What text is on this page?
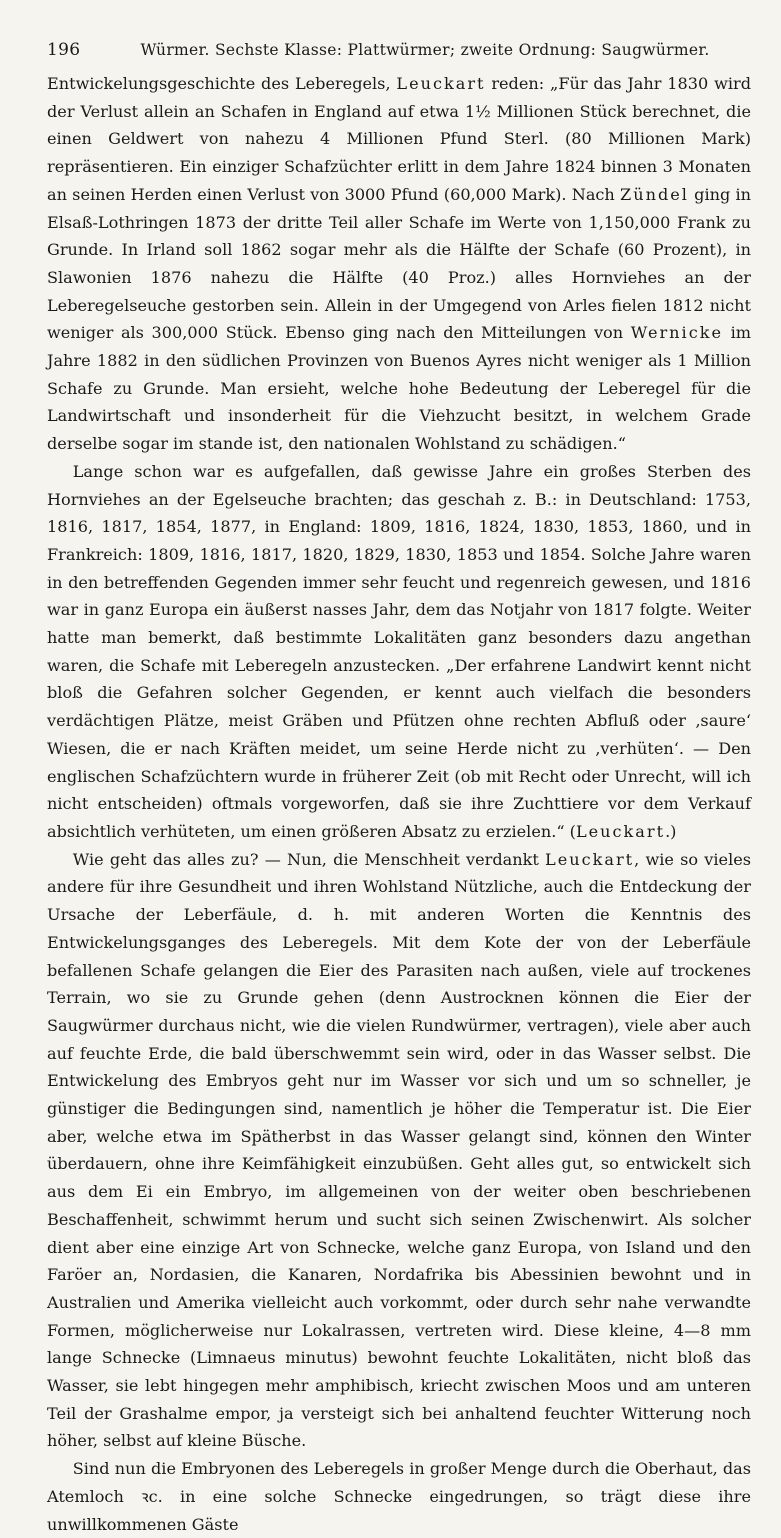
196	Würmer. Sechste Klasse: Plattwürmer; zweite Ordnung: Saugwürmer.

Entwickelungsgeschichte des Leberegels, Leuckart reden: „Für das Jahr 1830 wird der Verlust allein an Schafen in England auf etwa 1½ Millionen Stück berechnet, die einen Geldwert von nahezu 4 Millionen Pfund Sterl. (80 Millionen Mark) repräsentieren. Ein einziger Schafzüchter erlitt in dem Jahre 1824 binnen 3 Monaten an seinen Herden einen Verlust von 3000 Pfund (60,000 Mark). Nach Zündel ging in Elsaß-Lothringen 1873 der dritte Teil aller Schafe im Werte von 1,150,000 Frank zu Grunde. In Irland soll 1862 sogar mehr als die Hälfte der Schafe (60 Prozent), in Slawonien 1876 nahezu die Hälfte (40 Proz.) alles Hornviehes an der Leberegelseuche gestorben sein. Allein in der Umgegend von Arles fielen 1812 nicht weniger als 300,000 Stück. Ebenso ging nach den Mitteilungen von Wernicke im Jahre 1882 in den südlichen Provinzen von Buenos Ayres nicht weniger als 1 Million Schafe zu Grunde. Man ersieht, welche hohe Bedeutung der Leberegel für die Landwirtschaft und insonderheit für die Viehzucht besitzt, in welchem Grade derselbe sogar im stande ist, den nationalen Wohlstand zu schädigen.“

Lange schon war es aufgefallen, daß gewisse Jahre ein großes Sterben des Hornviehes an der Egelseuche brachten; das geschah z. B.: in Deutschland: 1753, 1816, 1817, 1854, 1877, in England: 1809, 1816, 1824, 1830, 1853, 1860, und in Frankreich: 1809, 1816, 1817, 1820, 1829, 1830, 1853 und 1854. Solche Jahre waren in den betreffenden Gegenden immer sehr feucht und regenreich gewesen, und 1816 war in ganz Europa ein äußerst nasses Jahr, dem das Notjahr von 1817 folgte. Weiter hatte man bemerkt, daß bestimmte Lokalitäten ganz besonders dazu angethan waren, die Schafe mit Leberegeln anzustecken. „Der erfahrene Landwirt kennt nicht bloß die Gefahren solcher Gegenden, er kennt auch vielfach die besonders verdächtigen Plätze, meist Gräben und Pfützen ohne rechten Abfluß oder ‚saure‘ Wiesen, die er nach Kräften meidet, um seine Herde nicht zu ‚verhüten‘. — Den englischen Schafzüchtern wurde in früherer Zeit (ob mit Recht oder Unrecht, will ich nicht entscheiden) oftmals vorgeworfen, daß sie ihre Zuchttiere vor dem Verkauf absichtlich verhüteten, um einen größeren Absatz zu erzielen.“ (Leuckart.)

Wie geht das alles zu? — Nun, die Menschheit verdankt Leuckart, wie so vieles andere für ihre Gesundheit und ihren Wohlstand Nützliche, auch die Entdeckung der Ursache der Leberfäule, d. h. mit anderen Worten die Kenntnis des Entwickelungsganges des Leberegels. Mit dem Kote der von der Leberfäule befallenen Schafe gelangen die Eier des Parasiten nach außen, viele auf trockenes Terrain, wo sie zu Grunde gehen (denn Austrocknen können die Eier der Saugwürmer durchaus nicht, wie die vielen Rundwürmer, vertragen), viele aber auch auf feuchte Erde, die bald überschwemmt sein wird, oder in das Wasser selbst. Die Entwickelung des Embryos geht nur im Wasser vor sich und um so schneller, je günstiger die Bedingungen sind, namentlich je höher die Temperatur ist. Die Eier aber, welche etwa im Spätherbst in das Wasser gelangt sind, können den Winter überdauern, ohne ihre Keimfähigkeit einzubüßen. Geht alles gut, so entwickelt sich aus dem Ei ein Embryo, im allgemeinen von der weiter oben beschriebenen Beschaffenheit, schwimmt herum und sucht sich seinen Zwischenwirt. Als solcher dient aber eine einzige Art von Schnecke, welche ganz Europa, von Island und den Faröer an, Nordasien, die Kanaren, Nordafrika bis Abessinien bewohnt und in Australien und Amerika vielleicht auch vorkommt, oder durch sehr nahe verwandte Formen, möglicherweise nur Lokalrassen, vertreten wird. Diese kleine, 4—8 mm lange Schnecke (Limnaeus minutus) bewohnt feuchte Lokalitäten, nicht bloß das Wasser, sie lebt hingegen mehr amphibisch, kriecht zwischen Moos und am unteren Teil der Grashalme empor, ja versteigt sich bei anhaltend feuchter Witterung noch höher, selbst auf kleine Büsche.

Sind nun die Embryonen des Leberegels in großer Menge durch die Oberhaut, das Atemloch ꝛc. in eine solche Schnecke eingedrungen, so trägt diese ihre unwillkommenen Gäste
